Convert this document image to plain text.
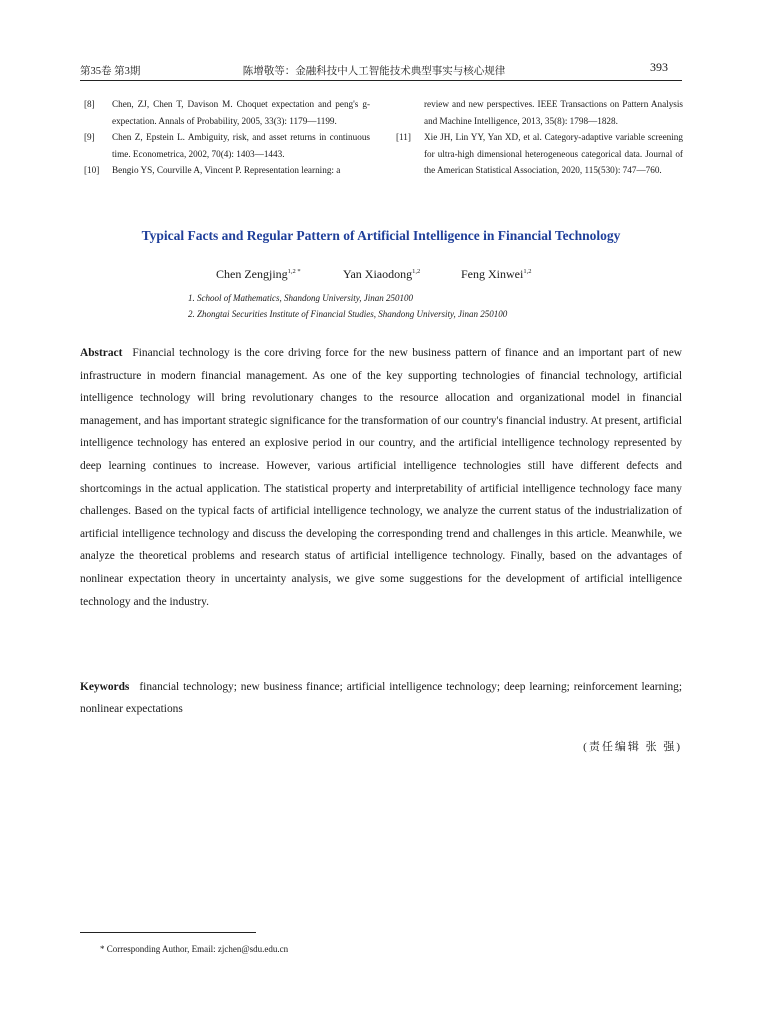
第35卷 第3期	陈增敬等：金融科技中人工智能技术典型事实与核心规律	393
[8] Chen, ZJ, Chen T, Davison M. Choquet expectation and peng's g-expectation. Annals of Probability, 2005, 33(3): 1179—1199.
[9] Chen Z, Epstein L. Ambiguity, risk, and asset returns in continuous time. Econometrica, 2002, 70(4): 1403—1443.
[10] Bengio YS, Courville A, Vincent P. Representation learning: a
review and new perspectives. IEEE Transactions on Pattern Analysis and Machine Intelligence, 2013, 35(8): 1798—1828.
[11] Xie JH, Lin YY, Yan XD, et al. Category-adaptive variable screening for ultra-high dimensional heterogeneous categorical data. Journal of the American Statistical Association, 2020, 115(530): 747—760.
Typical Facts and Regular Pattern of Artificial Intelligence in Financial Technology
Chen Zengjing$^{1,2 *}$	Yan Xiaodong$^{1,2}$	Feng Xinwei$^{1,2}$
1. School of Mathematics, Shandong University, Jinan 250100
2. Zhongtai Securities Institute of Financial Studies, Shandong University, Jinan 250100
Abstract Financial technology is the core driving force for the new business pattern of finance and an important part of new infrastructure in modern financial management. As one of the key supporting technologies of financial technology, artificial intelligence technology will bring revolutionary changes to the resource allocation and organizational model in financial management, and has important strategic significance for the transformation of our country's financial industry. At present, artificial intelligence technology has entered an explosive period in our country, and the artificial intelligence technology represented by deep learning continues to increase. However, various artificial intelligence technologies still have different defects and shortcomings in the actual application. The statistical property and interpretability of artificial intelligence technology face many challenges. Based on the typical facts of artificial intelligence technology, we analyze the current status of the industrialization of artificial intelligence technology and discuss the developing the corresponding trend and challenges in this article. Meanwhile, we analyze the theoretical problems and research status of artificial intelligence technology. Finally, based on the advantages of nonlinear expectation theory in uncertainty analysis, we give some suggestions for the development of artificial intelligence technology and the industry.
Keywords financial technology; new business finance; artificial intelligence technology; deep learning; reinforcement learning; nonlinear expectations
(责任编辑 张 强)
* Corresponding Author, Email: zjchen@sdu.edu.cn
